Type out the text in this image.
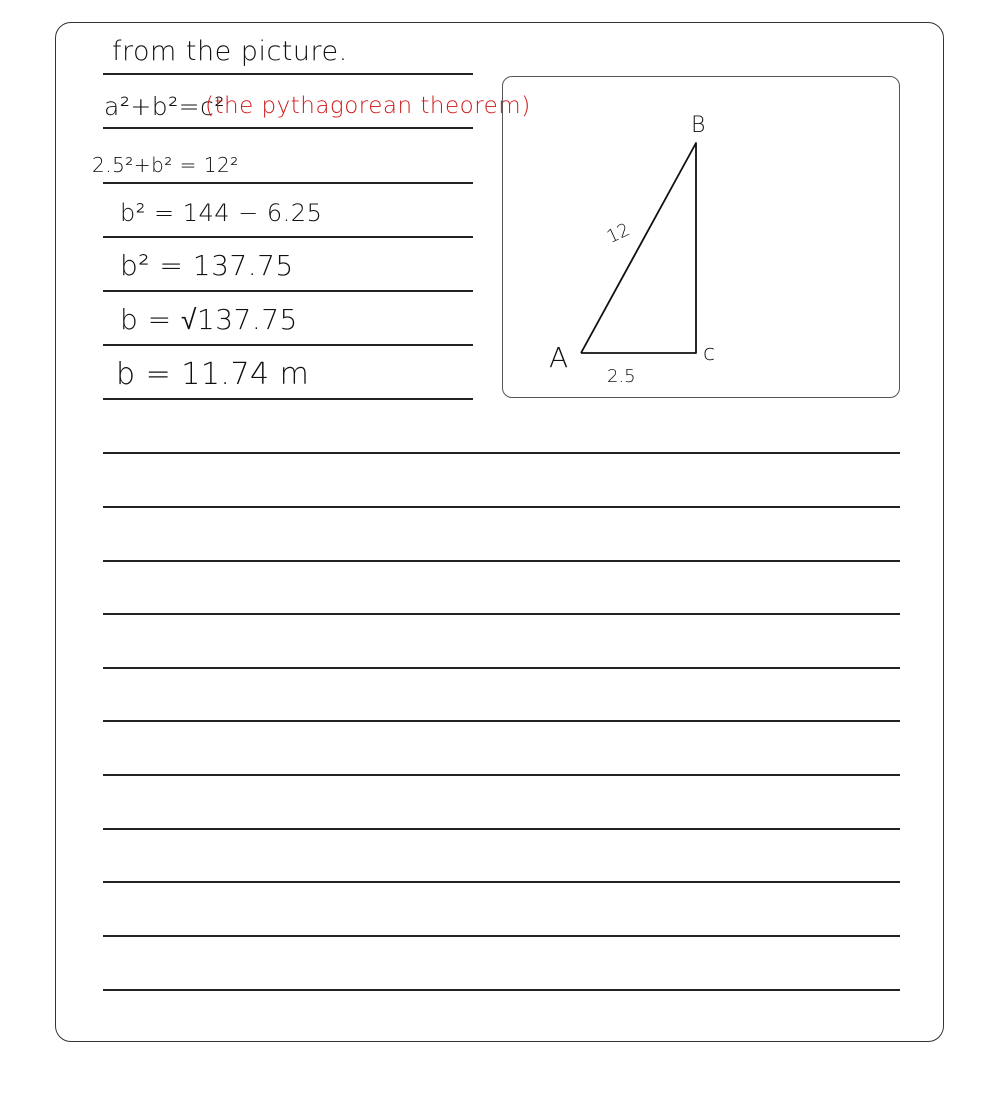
from the picture.
a²+b²=c²
(the pythagorean theorem)
2.5²+b² = 12²
b² = 144 − 6.25
b² = 137.75
b = √137.75
b = 11.74 m
B
A	c
12
2.5
